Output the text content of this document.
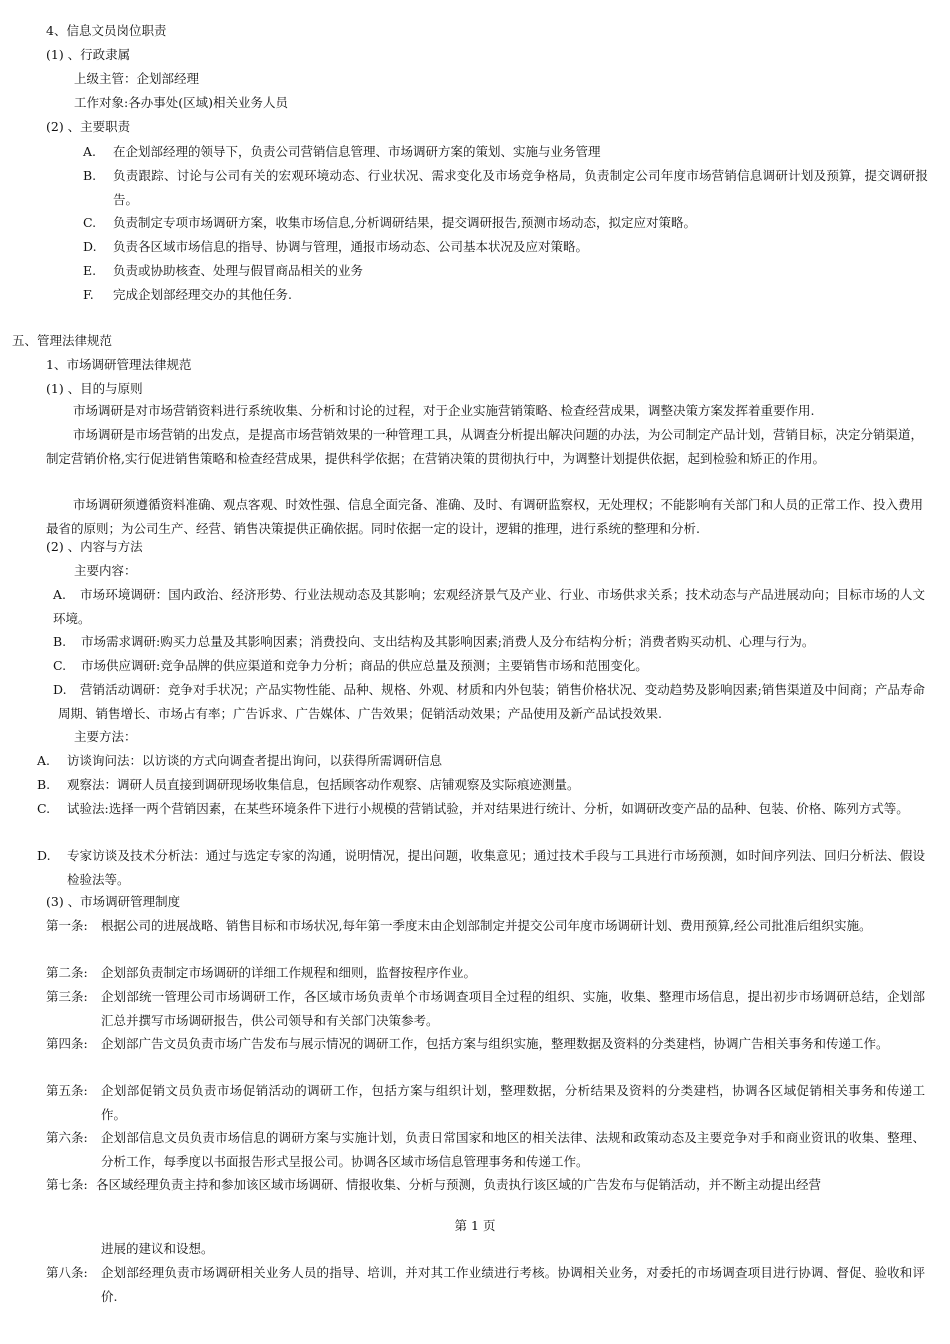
4、信息文员岗位职责
(1) 、行政隶属
上级主管：企划部经理
工作对象:各办事处(区域)相关业务人员
(2) 、主要职责
A. 在企划部经理的领导下，负责公司营销信息管理、市场调研方案的策划、实施与业务管理
B. 负责跟踪、讨论与公司有关的宏观环境动态、行业状况、需求变化及市场竞争格局，负责制定公司年度市场营销信息调研计划及预算，提交调研报告。
C. 负责制定专项市场调研方案，收集市场信息,分析调研结果，提交调研报告,预测市场动态，拟定应对策略。
D. 负责各区域市场信息的指导、协调与管理，通报市场动态、公司基本状况及应对策略。
E. 负责或协助核查、处理与假冒商品相关的业务
F. 完成企划部经理交办的其他任务.
五、管理法律规范
1、市场调研管理法律规范
(1) 、目的与原则
市场调研是对市场营销资料进行系统收集、分析和讨论的过程，对于企业实施营销策略、检查经营成果，调整决策方案发挥着重要作用.
市场调研是市场营销的出发点，是提高市场营销效果的一种管理工具，从调查分析提出解决问题的办法，为公司制定产品计划，营销目标，决定分销渠道，制定营销价格,实行促进销售策略和检查经营成果，提供科学依据；在营销决策的贯彻执行中，为调整计划提供依据，起到检验和矫正的作用。
市场调研须遵循资料准确、观点客观、时效性强、信息全面完备、准确、及时、有调研监察权，无处理权；不能影响有关部门和人员的正常工作、投入费用最省的原则；为公司生产、经营、销售决策提供正确依据。同时依据一定的设计，逻辑的推理，进行系统的整理和分析.
(2) 、内容与方法
主要内容：
A.	市场环境调研：国内政治、经济形势、行业法规动态及其影响；宏观经济景气及产业、行业、市场供求关系；技术动态与产品进展动向；目标市场的人文环境。
B. 市场需求调研:购买力总量及其影响因素；消费投向、支出结构及其影响因素;消费人及分布结构分析；消费者购买动机、心理与行为。
C. 市场供应调研:竞争品牌的供应渠道和竞争力分析；商品的供应总量及预测；主要销售市场和范围变化。
D.	营销活动调研：竞争对手状况；产品实物性能、品种、规格、外观、材质和内外包装；销售价格状况、变动趋势及影响因素;销售渠道及中间商；产品寿命周期、销售增长、市场占有率；广告诉求、广告媒体、广告效果；促销活动效果；产品使用及新产品试投效果.
主要方法：
A. 访谈询问法：以访谈的方式向调查者提出询问，以获得所需调研信息
B. 观察法：调研人员直接到调研现场收集信息，包括顾客动作观察、店铺观察及实际痕迹测量。
C. 试验法:选择一两个营销因素，在某些环境条件下进行小规模的营销试验，并对结果进行统计、分析，如调研改变产品的品种、包装、价格、陈列方式等。
D. 专家访谈及技术分析法：通过与选定专家的沟通，说明情况，提出问题，收集意见；通过技术手段与工具进行市场预测，如时间序列法、回归分析法、假设检验法等。
(3) 、市场调研管理制度
第一条: 根据公司的进展战略、销售目标和市场状况,每年第一季度末由企划部制定并提交公司年度市场调研计划、费用预算,经公司批准后组织实施。
第二条: 企划部负责制定市场调研的详细工作规程和细则，监督按程序作业。
第三条: 企划部统一管理公司市场调研工作，各区域市场负责单个市场调查项目全过程的组织、实施，收集、整理市场信息，提出初步市场调研总结，企划部汇总并撰写市场调研报告，供公司领导和有关部门决策参考。
第四条: 企划部广告文员负责市场广告发布与展示情况的调研工作，包括方案与组织实施，整理数据及资料的分类建档，协调广告相关事务和传递工作。
第五条: 企划部促销文员负责市场促销活动的调研工作，包括方案与组织计划，整理数据，分析结果及资料的分类建档，协调各区域促销相关事务和传递工作。
第六条: 企划部信息文员负责市场信息的调研方案与实施计划，负责日常国家和地区的相关法律、法规和政策动态及主要竞争对手和商业资讯的收集、整理、分析工作，每季度以书面报告形式呈报公司。协调各区域市场信息管理事务和传递工作。
第七条: 各区域经理负责主持和参加该区域市场调研、情报收集、分析与预测，负责执行该区域的广告发布与促销活动，并不断主动提出经营
第 1 页
进展的建议和设想。
第八条: 企划部经理负责市场调研相关业务人员的指导、培训，并对其工作业绩进行考核。协调相关业务，对委托的市场调查项目进行协调、督促、验收和评价.
